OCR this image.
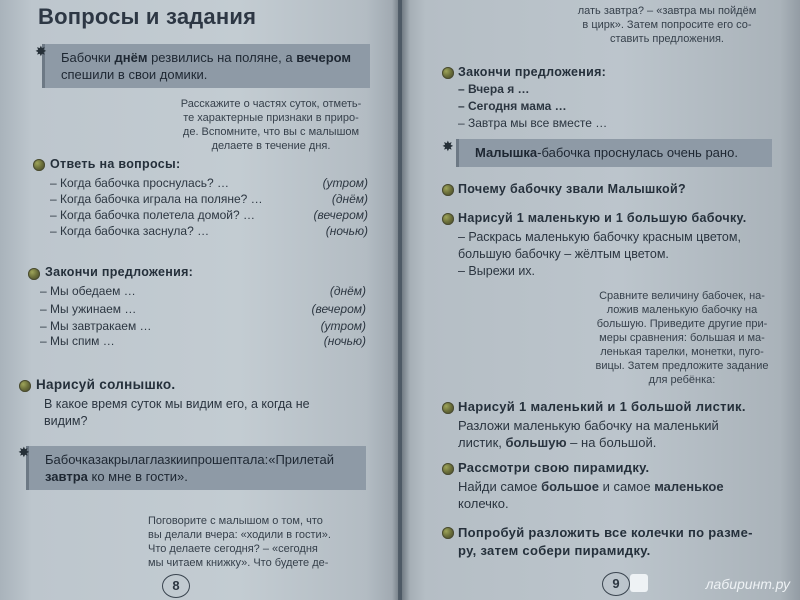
Вопросы и задания
Бабочки днём резвились на поляне, а вечером
спешили в свои домики.
✸
Расскажите о частях суток, отметь-
те характерные признаки в приро-
де. Вспомните, что вы с малышом
делаете в течение дня.
Ответь на вопросы:
– Когда бабочка проснулась? …	(утром)
– Когда бабочка играла на поляне? …	(днём)
– Когда бабочка полетела домой? …	(вечером)
– Когда бабочка заснула? …	(ночью)
Закончи предложения:
– Мы обедаем …	(днём)
– Мы ужинаем …	(вечером)
– Мы завтракаем …	(утром)
– Мы спим …	(ночью)
Нарисуй солнышко.
В какое время суток мы видим его, а когда не
видим?
Бабочказакрылаглазкиипрошептала:«Прилетай
завтра ко мне в гости».
✸
Поговорите с малышом о том, что
вы делали вчера: «ходили в гости».
Что делаете сегодня? – «сегодня
мы читаем книжку». Что будете де-
8
лать завтра? – «завтра мы пойдём
в цирк». Затем попросите его со-
ставить предложения.
Закончи предложения:
– Вчера я …
– Сегодня мама …
– Завтра мы все вместе …
Малышка-бабочка проснулась очень рано.
✸
Почему бабочку звали Малышкой?
Нарисуй 1 маленькую и 1 большую бабочку.
– Раскрась маленькую бабочку красным цветом,
большую бабочку – жёлтым цветом.
– Вырежи их.
Сравните величину бабочек, на-
ложив маленькую бабочку на
большую. Приведите другие при-
меры сравнения: большая и ма-
ленькая тарелки, монетки, пуго-
вицы. Затем предложите задание
для ребёнка:
Нарисуй 1 маленький и 1 большой листик.
Разложи маленькую бабочку на маленький
листик, большую – на большой.
Рассмотри свою пирамидку.
Найди самое большое и самое маленькое
колечко.
Попробуй разложить все колечки по разме-
ру, затем собери пирамидку.
9	лабиринт.ру
